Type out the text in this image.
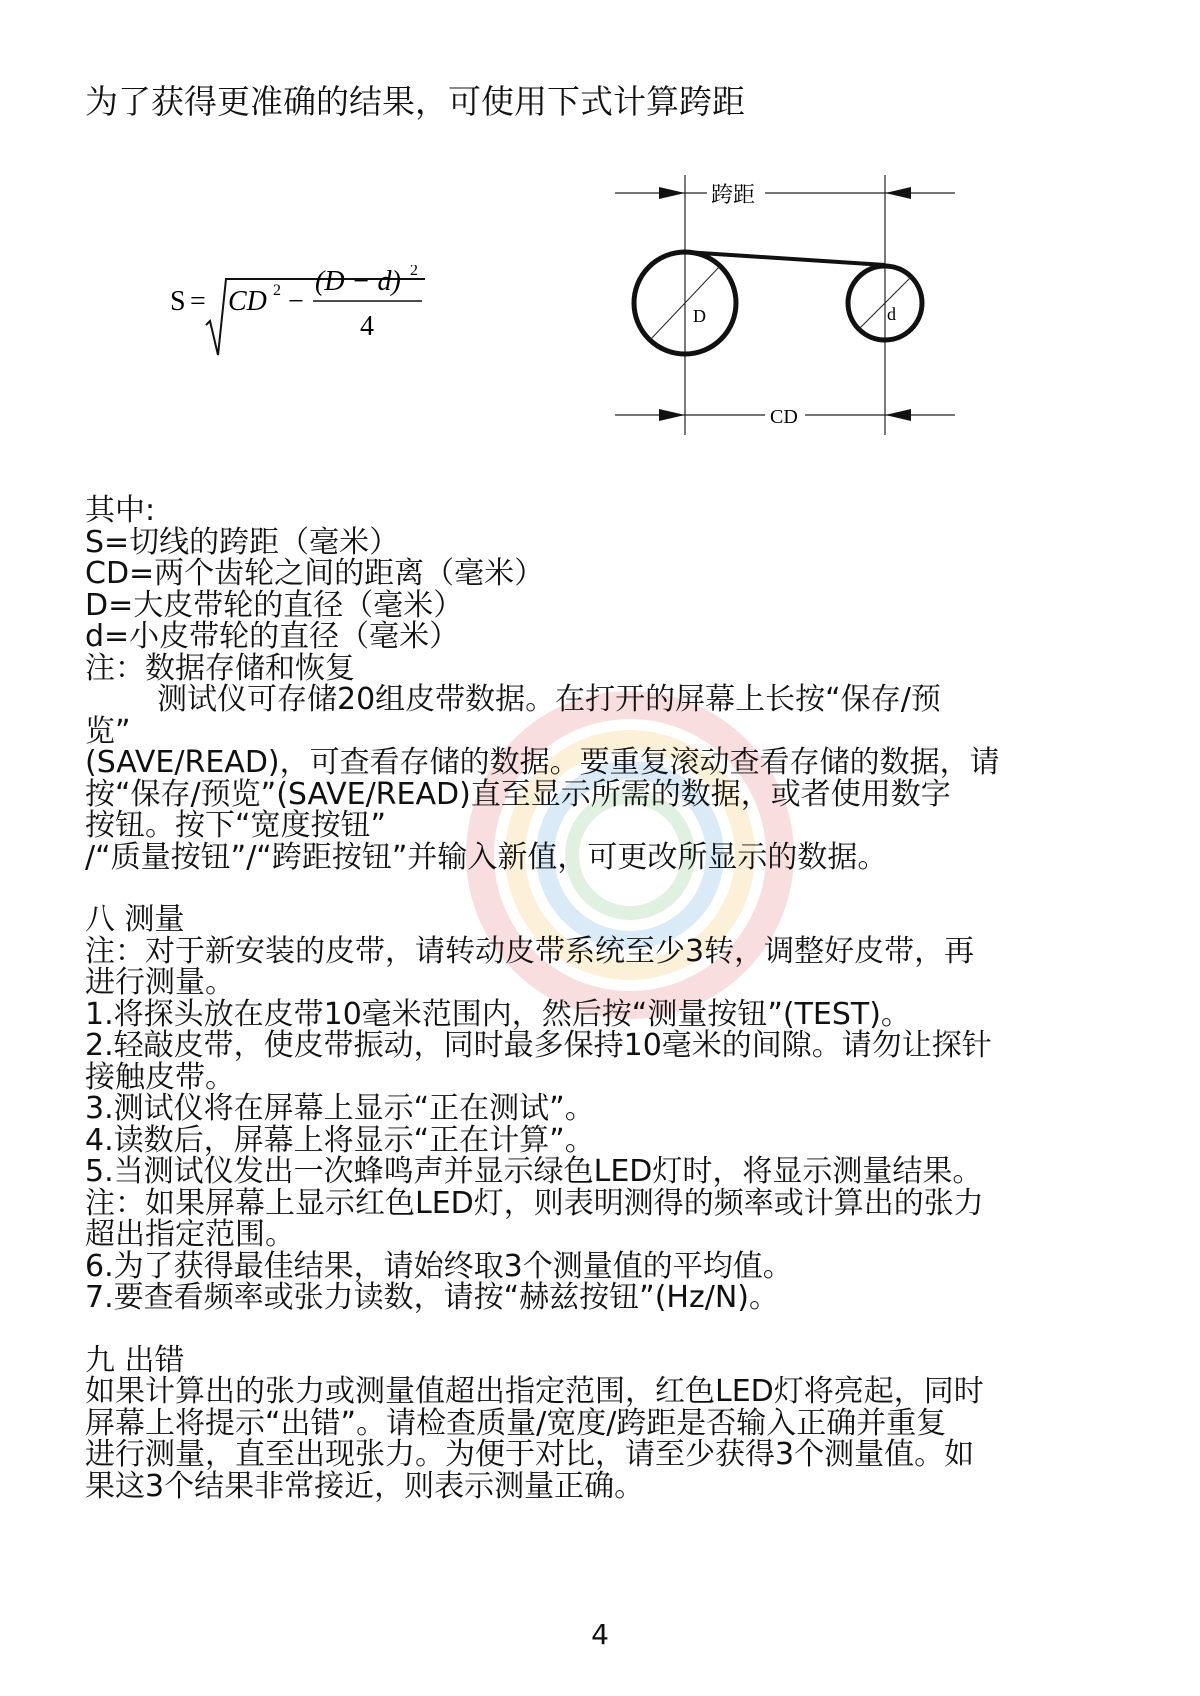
为了获得更准确的结果，可使用下式计算跨距

S = CD 2 −
(D − d) 2
4
跨距
D	d
CD

其中:

S=切线的跨距（毫米）

CD=两个齿轮之间的距离（毫米）

D=大皮带轮的直径（毫米）

d=小皮带轮的直径（毫米）

注：数据存储和恢复

测试仪可存储20组皮带数据。在打开的屏幕上长按“保存/预

览”

(SAVE/READ)，可查看存储的数据。要重复滚动查看存储的数据，请

按“保存/预览”(SAVE/READ)直至显示所需的数据，或者使用数字

按钮。按下“宽度按钮”

/“质量按钮”/“跨距按钮”并输入新值，可更改所显示的数据。

八 测量

注：对于新安装的皮带，请转动皮带系统至少3转，调整好皮带，再

进行测量。

1.将探头放在皮带10毫米范围内，然后按“测量按钮”(TEST)。

2.轻敲皮带，使皮带振动，同时最多保持10毫米的间隙。请勿让探针

接触皮带。

3.测试仪将在屏幕上显示“正在测试”。

4.读数后，屏幕上将显示“正在计算”。

5.当测试仪发出一次蜂鸣声并显示绿色LED灯时，将显示测量结果。

注：如果屏幕上显示红色LED灯，则表明测得的频率或计算出的张力

超出指定范围。

6.为了获得最佳结果，请始终取3个测量值的平均值。

7.要查看频率或张力读数，请按“赫兹按钮”(Hz/N)。

九 出错

如果计算出的张力或测量值超出指定范围，红色LED灯将亮起，同时

屏幕上将提示“出错”。请检查质量/宽度/跨距是否输入正确并重复

进行测量，直至出现张力。为便于对比，请至少获得3个测量值。如

果这3个结果非常接近，则表示测量正确。

4
